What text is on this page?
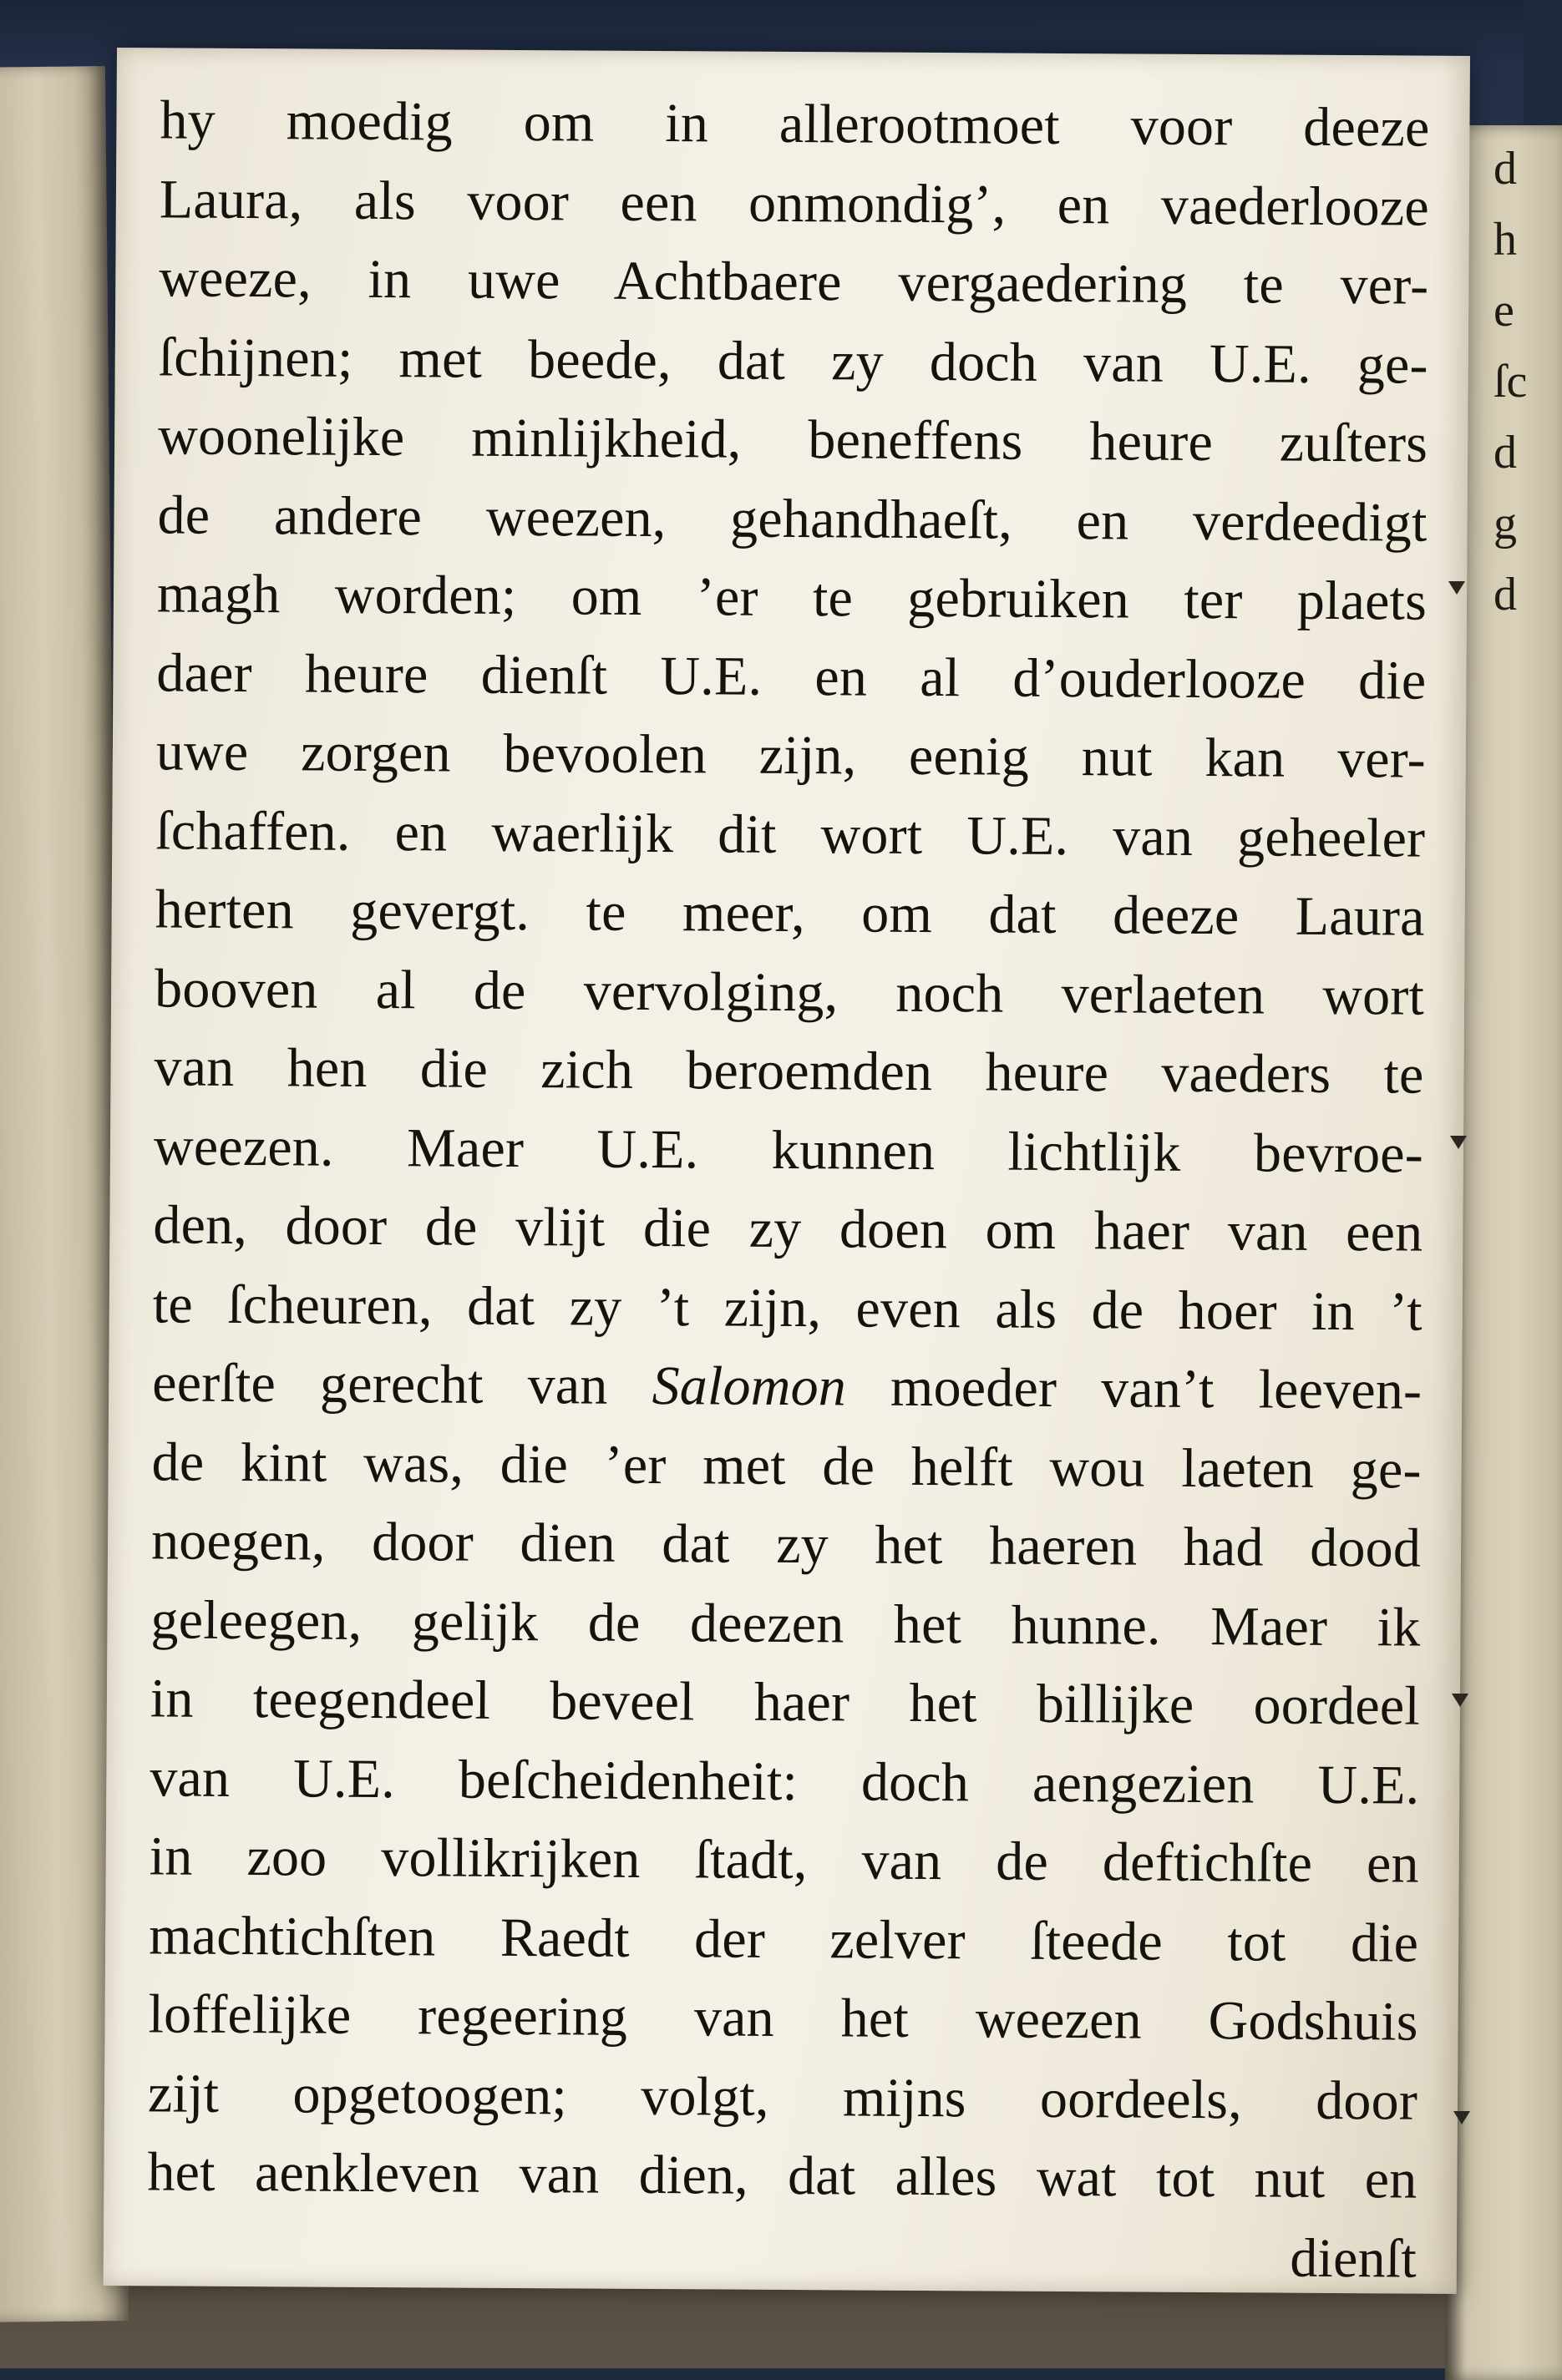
d
h
e
ſc
d
g
d
hy moedig om in allerootmoet voor deeze
Laura, als voor een onmondig’, en vaederlooze
weeze, in uwe Achtbaere vergaedering te ver-
ſchijnen; met beede, dat zy doch van U.E. ge-
woonelijke minlijkheid, beneffens heure zuſters
de andere weezen, gehandhaeſt, en verdeedigt
magh worden; om ’er te gebruiken ter plaets
daer heure dienſt U.E. en al d’ouderlooze die
uwe zorgen bevoolen zijn, eenig nut kan ver-
ſchaffen. en waerlijk dit wort U.E. van geheeler
herten gevergt. te meer, om dat deeze Laura
booven al de vervolging, noch verlaeten wort
van hen die zich beroemden heure vaeders te
weezen. Maer U.E. kunnen lichtlijk bevroe-
den, door de vlijt die zy doen om haer van een
te ſcheuren, dat zy ’t zijn, even als de hoer in ’t
eerſte gerecht van Salomon moeder van’t leeven-
de kint was, die ’er met de helft wou laeten ge-
noegen, door dien dat zy het haeren had dood
geleegen, gelijk de deezen het hunne. Maer ik
in teegendeel beveel haer het billijke oordeel
van U.E. beſcheidenheit: doch aengezien U.E.
in zoo vollikrijken ſtadt, van de deftichſte en
machtichſten Raedt der zelver ſteede tot die
loffelijke regeering van het weezen Godshuis
zijt opgetoogen; volgt, mijns oordeels, door
het aenkleven van dien, dat alles wat tot nut en
dienſt
